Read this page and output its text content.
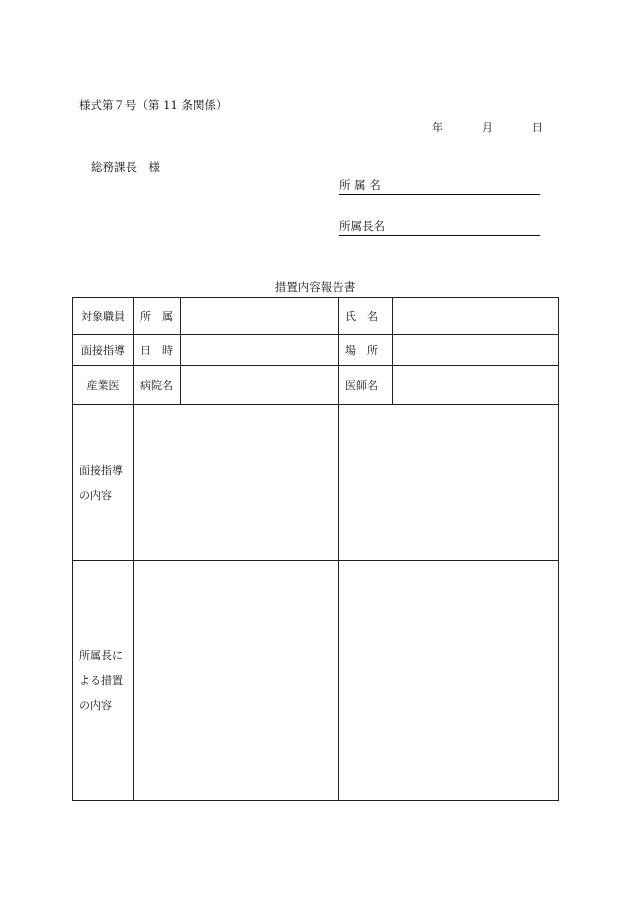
様式第７号（第 11 条関係）
年	月	日
総務課長　様
所 属 名
所属長名
措置内容報告書
対象職員	所　属		氏　名	
面接指導	日　時		場　所	
産業医	病院名		医師名	

面接指導
の内容				

所属長に
よる措置
の内容				
